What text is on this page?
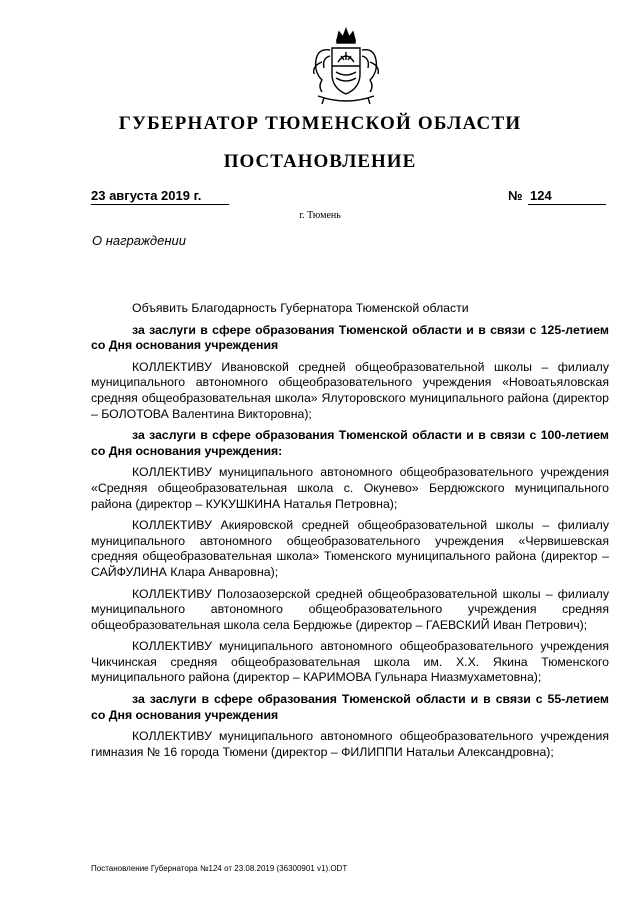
ГУБЕРНАТОР ТЮМЕНСКОЙ ОБЛАСТИ
ПОСТАНОВЛЕНИЕ
23 августа 2019 г.	№ 124
г. Тюмень
О награждении

Объявить Благодарность Губернатора Тюменской области

за заслуги в сфере образования Тюменской области и в связи с 125-летием со Дня основания учреждения

КОЛЛЕКТИВУ Ивановской средней общеобразовательной школы – филиалу муниципального автономного общеобразовательного учреждения «Новоатьяловская средняя общеобразовательная школа» Ялуторовского муниципального района (директор – БОЛОТОВА Валентина Викторовна);

за заслуги в сфере образования Тюменской области и в связи с 100-летием со Дня основания учреждения:

КОЛЛЕКТИВУ муниципального автономного общеобразовательного учреждения «Средняя общеобразовательная школа с. Окунево» Бердюжского муниципального района (директор – КУКУШКИНА Наталья Петровна);

КОЛЛЕКТИВУ Акияровской средней общеобразовательной школы – филиалу муниципального автономного общеобразовательного учреждения «Червишевская средняя общеобразовательная школа» Тюменского муниципального района (директор – САЙФУЛИНА Клара Анваровна);

КОЛЛЕКТИВУ Полозаозерской средней общеобразовательной школы – филиалу муниципального автономного общеобразовательного учреждения средняя общеобразовательная школа села Бердюжье (директор – ГАЕВСКИЙ Иван Петрович);

КОЛЛЕКТИВУ муниципального автономного общеобразовательного учреждения Чикчинская средняя общеобразовательная школа им. Х.Х. Якина Тюменского муниципального района (директор – КАРИМОВА Гульнара Ниазмухаметовна);

за заслуги в сфере образования Тюменской области и в связи с 55-летием со Дня основания учреждения

КОЛЛЕКТИВУ муниципального автономного общеобразовательного учреждения гимназия № 16 города Тюмени (директор – ФИЛИППИ Натальи Александровна);

Постановление Губернатора №124 от 23.08.2019 (36300901 v1).ODT
